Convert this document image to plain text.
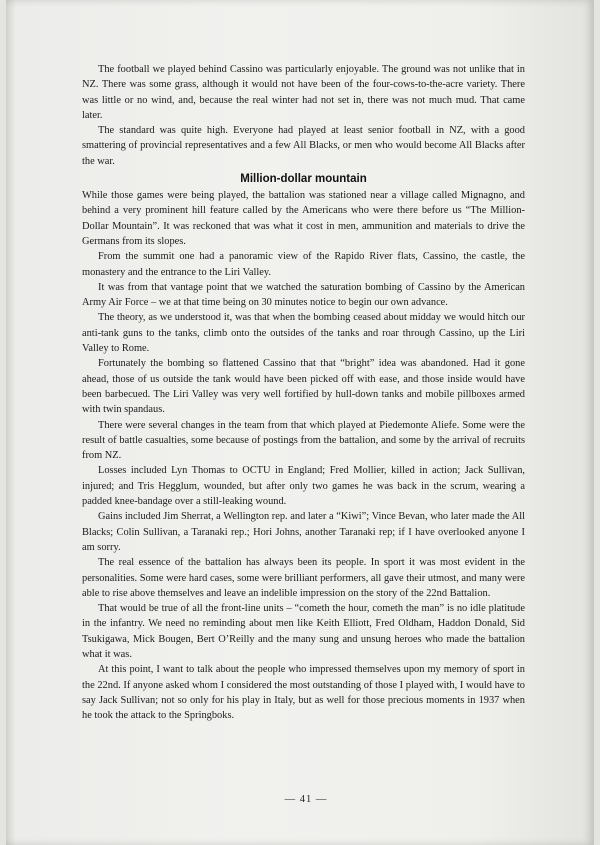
The football we played behind Cassino was particularly enjoyable. The ground was not unlike that in NZ. There was some grass, although it would not have been of the four-cows-to-the-acre variety. There was little or no wind, and, because the real winter had not set in, there was not much mud. That came later.

The standard was quite high. Everyone had played at least senior football in NZ, with a good smattering of provincial representatives and a few All Blacks, or men who would become All Blacks after the war.

Million-dollar mountain

While those games were being played, the battalion was stationed near a village called Mignagno, and behind a very prominent hill feature called by the Americans who were there before us “The Million-Dollar Mountain”. It was reckoned that was what it cost in men, ammunition and materials to drive the Germans from its slopes.

From the summit one had a panoramic view of the Rapido River flats, Cassino, the castle, the monastery and the entrance to the Liri Valley.

It was from that vantage point that we watched the saturation bombing of Cassino by the American Army Air Force – we at that time being on 30 minutes notice to begin our own advance.

The theory, as we understood it, was that when the bombing ceased about midday we would hitch our anti-tank guns to the tanks, climb onto the outsides of the tanks and roar through Cassino, up the Liri Valley to Rome.

Fortunately the bombing so flattened Cassino that that “bright” idea was abandoned. Had it gone ahead, those of us outside the tank would have been picked off with ease, and those inside would have been barbecued. The Liri Valley was very well fortified by hull-down tanks and mobile pillboxes armed with twin spandaus.

There were several changes in the team from that which played at Piedemonte Aliefe. Some were the result of battle casualties, some because of postings from the battalion, and some by the arrival of recruits from NZ.

Losses included Lyn Thomas to OCTU in England; Fred Mollier, killed in action; Jack Sullivan, injured; and Tris Hegglum, wounded, but after only two games he was back in the scrum, wearing a padded knee-bandage over a still-leaking wound.

Gains included Jim Sherrat, a Wellington rep. and later a “Kiwi”; Vince Bevan, who later made the All Blacks; Colin Sullivan, a Taranaki rep.; Hori Johns, another Taranaki rep; if I have overlooked anyone I am sorry.

The real essence of the battalion has always been its people. In sport it was most evident in the personalities. Some were hard cases, some were brilliant performers, all gave their utmost, and many were able to rise above themselves and leave an indelible impression on the story of the 22nd Battalion.

That would be true of all the front-line units – “cometh the hour, cometh the man” is no idle platitude in the infantry. We need no reminding about men like Keith Elliott, Fred Oldham, Haddon Donald, Sid Tsukigawa, Mick Bougen, Bert O’Reilly and the many sung and unsung heroes who made the battalion what it was.

At this point, I want to talk about the people who impressed themselves upon my memory of sport in the 22nd. If anyone asked whom I considered the most outstanding of those I played with, I would have to say Jack Sullivan; not so only for his play in Italy, but as well for those precious moments in 1937 when he took the attack to the Springboks.

— 41 —
